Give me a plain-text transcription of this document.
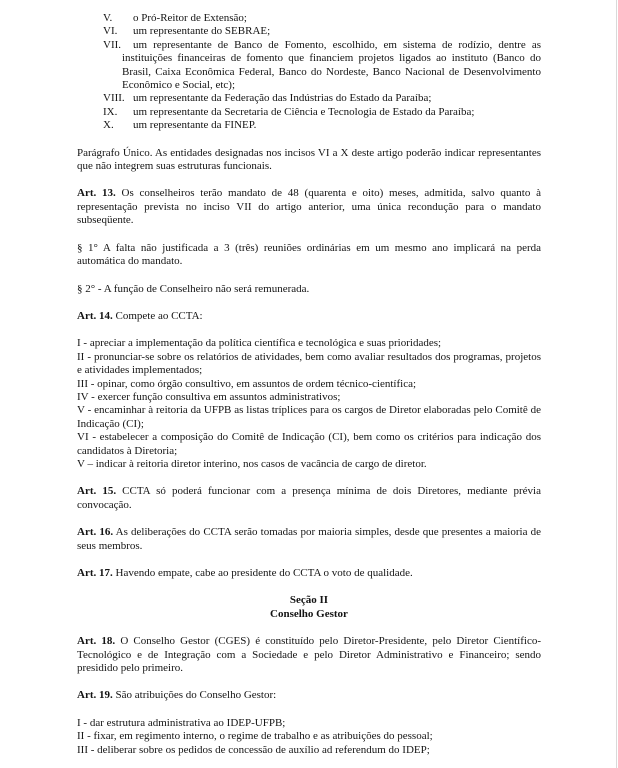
V. o Pró-Reitor de Extensão;
VI. um representante do SEBRAE;
VII. um representante de Banco de Fomento, escolhido, em sistema de rodízio, dentre as instituições financeiras de fomento que financiem projetos ligados ao instituto (Banco do Brasil, Caixa Econômica Federal, Banco do Nordeste, Banco Nacional de Desenvolvimento Econômico e Social, etc);
VIII. um representante da Federação das Indústrias do Estado da Paraíba;
IX. um representante da Secretaria de Ciência e Tecnologia de Estado da Paraíba;
X. um representante da FINEP.

Parágrafo Único. As entidades designadas nos incisos VI a X deste artigo poderão indicar representantes que não integrem suas estruturas funcionais.

Art. 13. Os conselheiros terão mandato de 48 (quarenta e oito) meses, admitida, salvo quanto à representação prevista no inciso VII do artigo anterior, uma única recondução para o mandato subseqüente.

§ 1° A falta não justificada a 3 (três) reuniões ordinárias em um mesmo ano implicará na perda automática do mandato.

§ 2° - A função de Conselheiro não será remunerada.

Art. 14. Compete ao CCTA:

I - apreciar a implementação da política científica e tecnológica e suas prioridades;

II - pronunciar-se sobre os relatórios de atividades, bem como avaliar resultados dos programas, projetos e atividades implementados;

III - opinar, como órgão consultivo, em assuntos de ordem técnico-científica;

IV - exercer função consultiva em assuntos administrativos;

V - encaminhar à reitoria da UFPB as listas tríplices para os cargos de Diretor elaboradas pelo Comitê de Indicação (CI);

VI - estabelecer a composição do Comitê de Indicação (CI), bem como os critérios para indicação dos candidatos à Diretoria;

V – indicar à reitoria diretor interino, nos casos de vacância de cargo de diretor.

Art. 15. CCTA só poderá funcionar com a presença mínima de dois Diretores, mediante prévia convocação.

Art. 16. As deliberações do CCTA serão tomadas por maioria simples, desde que presentes a maioria de seus membros.

Art. 17. Havendo empate, cabe ao presidente do CCTA o voto de qualidade.

Seção II
Conselho Gestor

Art. 18. O Conselho Gestor (CGES) é constituído pelo Diretor-Presidente, pelo Diretor Científico-Tecnológico e de Integração com a Sociedade e pelo Diretor Administrativo e Financeiro; sendo presidido pelo primeiro.

Art. 19. São atribuições do Conselho Gestor:

I - dar estrutura administrativa ao IDEP-UFPB;

II - fixar, em regimento interno, o regime de trabalho e as atribuições do pessoal;

III - deliberar sobre os pedidos de concessão de auxílio ad referendum do IDEP;
